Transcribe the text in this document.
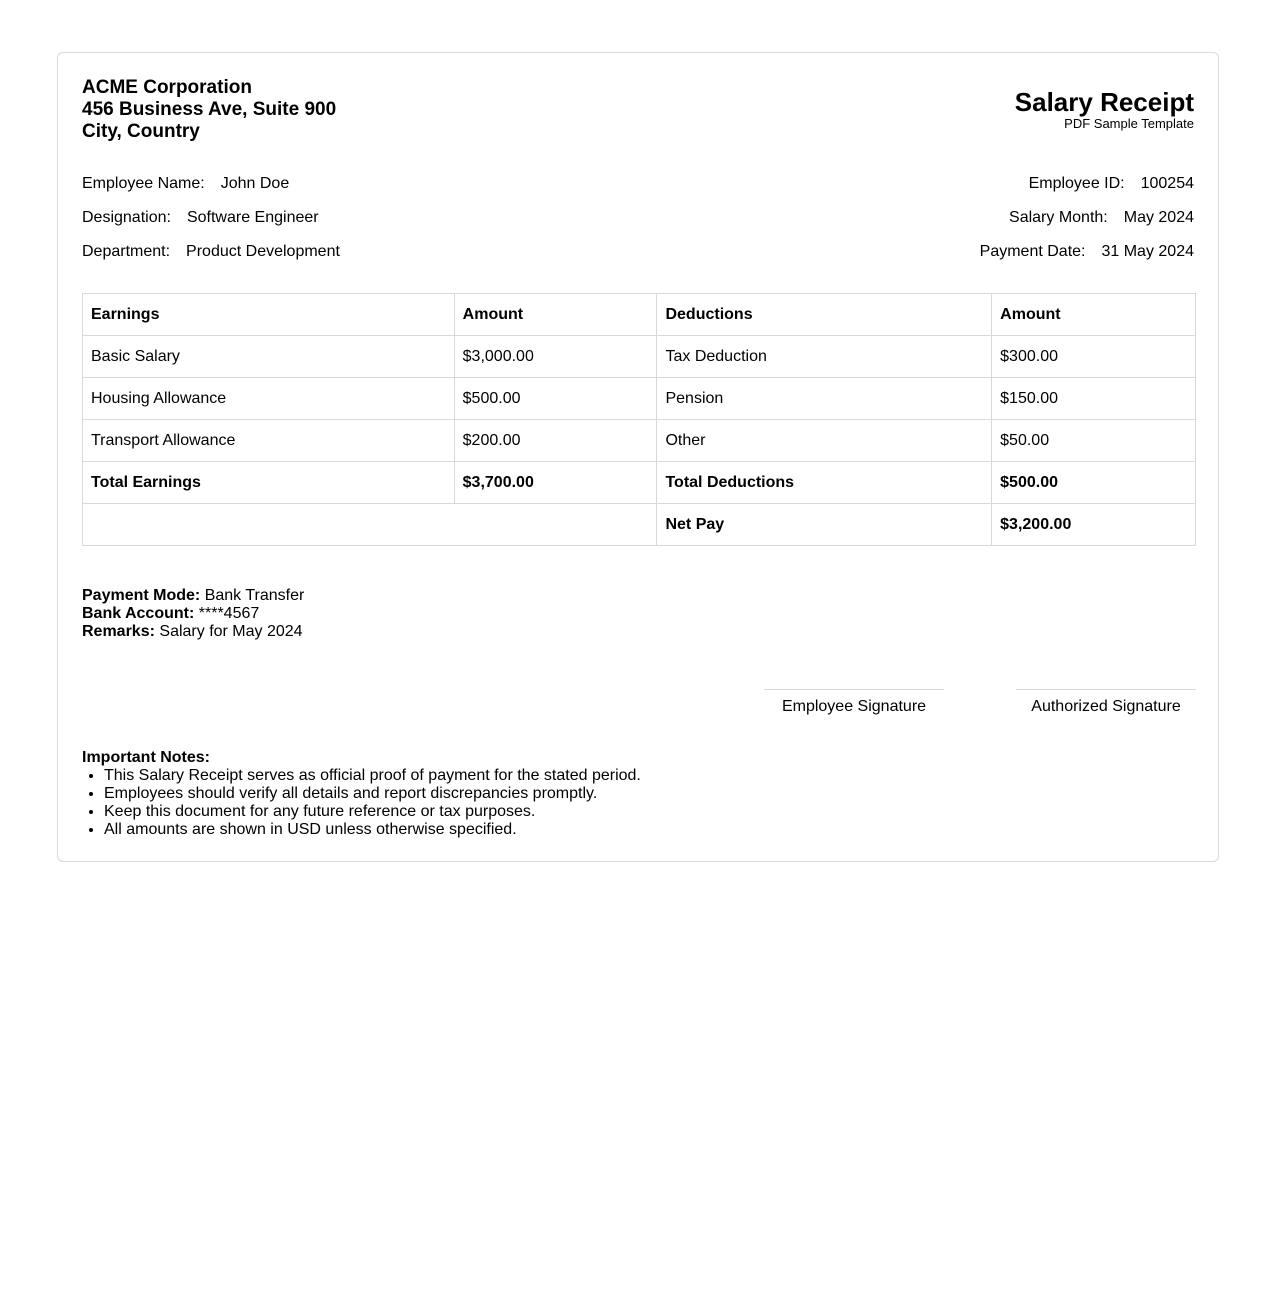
ACME Corporation
456 Business Ave, Suite 900
City, Country
Salary Receipt
PDF Sample Template
Employee Name: John Doe
Designation: Software Engineer
Department: Product Development
Employee ID: 100254
Salary Month: May 2024
Payment Date: 31 May 2024
Earnings	Amount	Deductions	Amount
Basic Salary	$3,000.00	Tax Deduction	$300.00
Housing Allowance	$500.00	Pension	$150.00
Transport Allowance	$200.00	Other	$50.00
Total Earnings	$3,700.00	Total Deductions	$500.00
		Net Pay	$3,200.00
Payment Mode: Bank Transfer
Bank Account: ****4567
Remarks: Salary for May 2024
Employee Signature	Authorized Signature
Important Notes:
• This Salary Receipt serves as official proof of payment for the stated period.
• Employees should verify all details and report discrepancies promptly.
• Keep this document for any future reference or tax purposes.
• All amounts are shown in USD unless otherwise specified.
